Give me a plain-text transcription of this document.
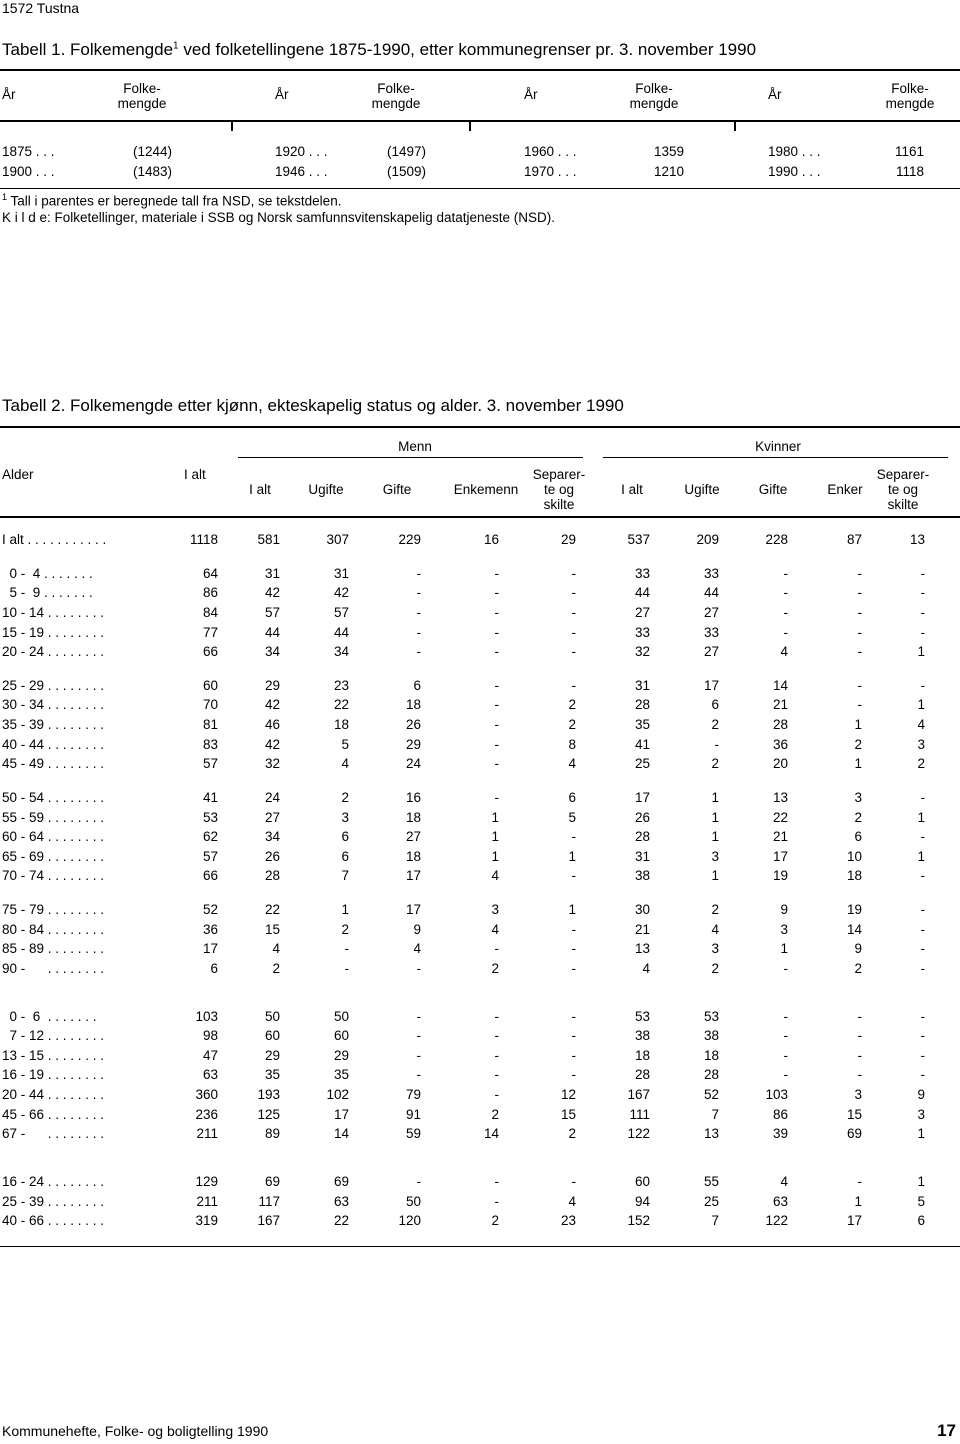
1572 Tustna
Tabell 1. Folkemengde$^1$ ved folketellingene 1875-1990, etter kommunegrenser pr. 3. november 1990
År	Folke-
mengde
År	Folke-
mengde
År	Folke-
mengde
År	Folke-
mengde
1875 . . .	(1244)	1920 . . .	(1497)	1960 . . .	1359	1980 . . .	1161
1900 . . .	(1483)	1946 . . .	(1509)	1970 . . .	1210	1990 . . .	1118
$^1$ Tall i parentes er beregnede tall fra NSD, se tekstdelen.
K i l d e: Folketellinger, materiale i SSB og Norsk samfunnsvitenskapelig datatjeneste (NSD).
Tabell 2. Folkemengde etter kjønn, ekteskapelig status og alder. 3. november 1990
Menn	Kvinner
Alder	I alt
I alt	Ugifte	Gifte	Enkemenn
Separer-
te og
skilte
I alt	Ugifte	Gifte	Enker
Separer-
te og
skilte
I alt . . . . . . . . . . .	1118	581	307	229	16	29	537	209	228	87	13
0 -  4 . . . . . . .	64	31	31	-	-	-	33	33	-	-	-
5 -  9 . . . . . . .	86	42	42	-	-	-	44	44	-	-	-
10 - 14 . . . . . . . .	84	57	57	-	-	-	27	27	-	-	-
15 - 19 . . . . . . . .	77	44	44	-	-	-	33	33	-	-	-
20 - 24 . . . . . . . .	66	34	34	-	-	-	32	27	4	-	1
25 - 29 . . . . . . . .	60	29	23	6	-	-	31	17	14	-	-
30 - 34 . . . . . . . .	70	42	22	18	-	2	28	6	21	-	1
35 - 39 . . . . . . . .	81	46	18	26	-	2	35	2	28	1	4
40 - 44 . . . . . . . .	83	42	5	29	-	8	41	-	36	2	3
45 - 49 . . . . . . . .	57	32	4	24	-	4	25	2	20	1	2
50 - 54 . . . . . . . .	41	24	2	16	-	6	17	1	13	3	-
55 - 59 . . . . . . . .	53	27	3	18	1	5	26	1	22	2	1
60 - 64 . . . . . . . .	62	34	6	27	1	-	28	1	21	6	-
65 - 69 . . . . . . . .	57	26	6	18	1	1	31	3	17	10	1
70 - 74 . . . . . . . .	66	28	7	17	4	-	38	1	19	18	-
75 - 79 . . . . . . . .	52	22	1	17	3	1	30	2	9	19	-
80 - 84 . . . . . . . .	36	15	2	9	4	-	21	4	3	14	-
85 - 89 . . . . . . . .	17	4	-	4	-	-	13	3	1	9	-
90 -      . . . . . . . .	6	2	-	-	2	-	4	2	-	2	-
0 -  6  . . . . . . .	103	50	50	-	-	-	53	53	-	-	-
7 - 12 . . . . . . . .	98	60	60	-	-	-	38	38	-	-	-
13 - 15 . . . . . . . .	47	29	29	-	-	-	18	18	-	-	-
16 - 19 . . . . . . . .	63	35	35	-	-	-	28	28	-	-	-
20 - 44 . . . . . . . .	360	193	102	79	-	12	167	52	103	3	9
45 - 66 . . . . . . . .	236	125	17	91	2	15	111	7	86	15	3
67 -      . . . . . . . .	211	89	14	59	14	2	122	13	39	69	1
16 - 24 . . . . . . . .	129	69	69	-	-	-	60	55	4	-	1
25 - 39 . . . . . . . .	211	117	63	50	-	4	94	25	63	1	5
40 - 66 . . . . . . . .	319	167	22	120	2	23	152	7	122	17	6
Kommunehefte, Folke- og boligtelling 1990	17
